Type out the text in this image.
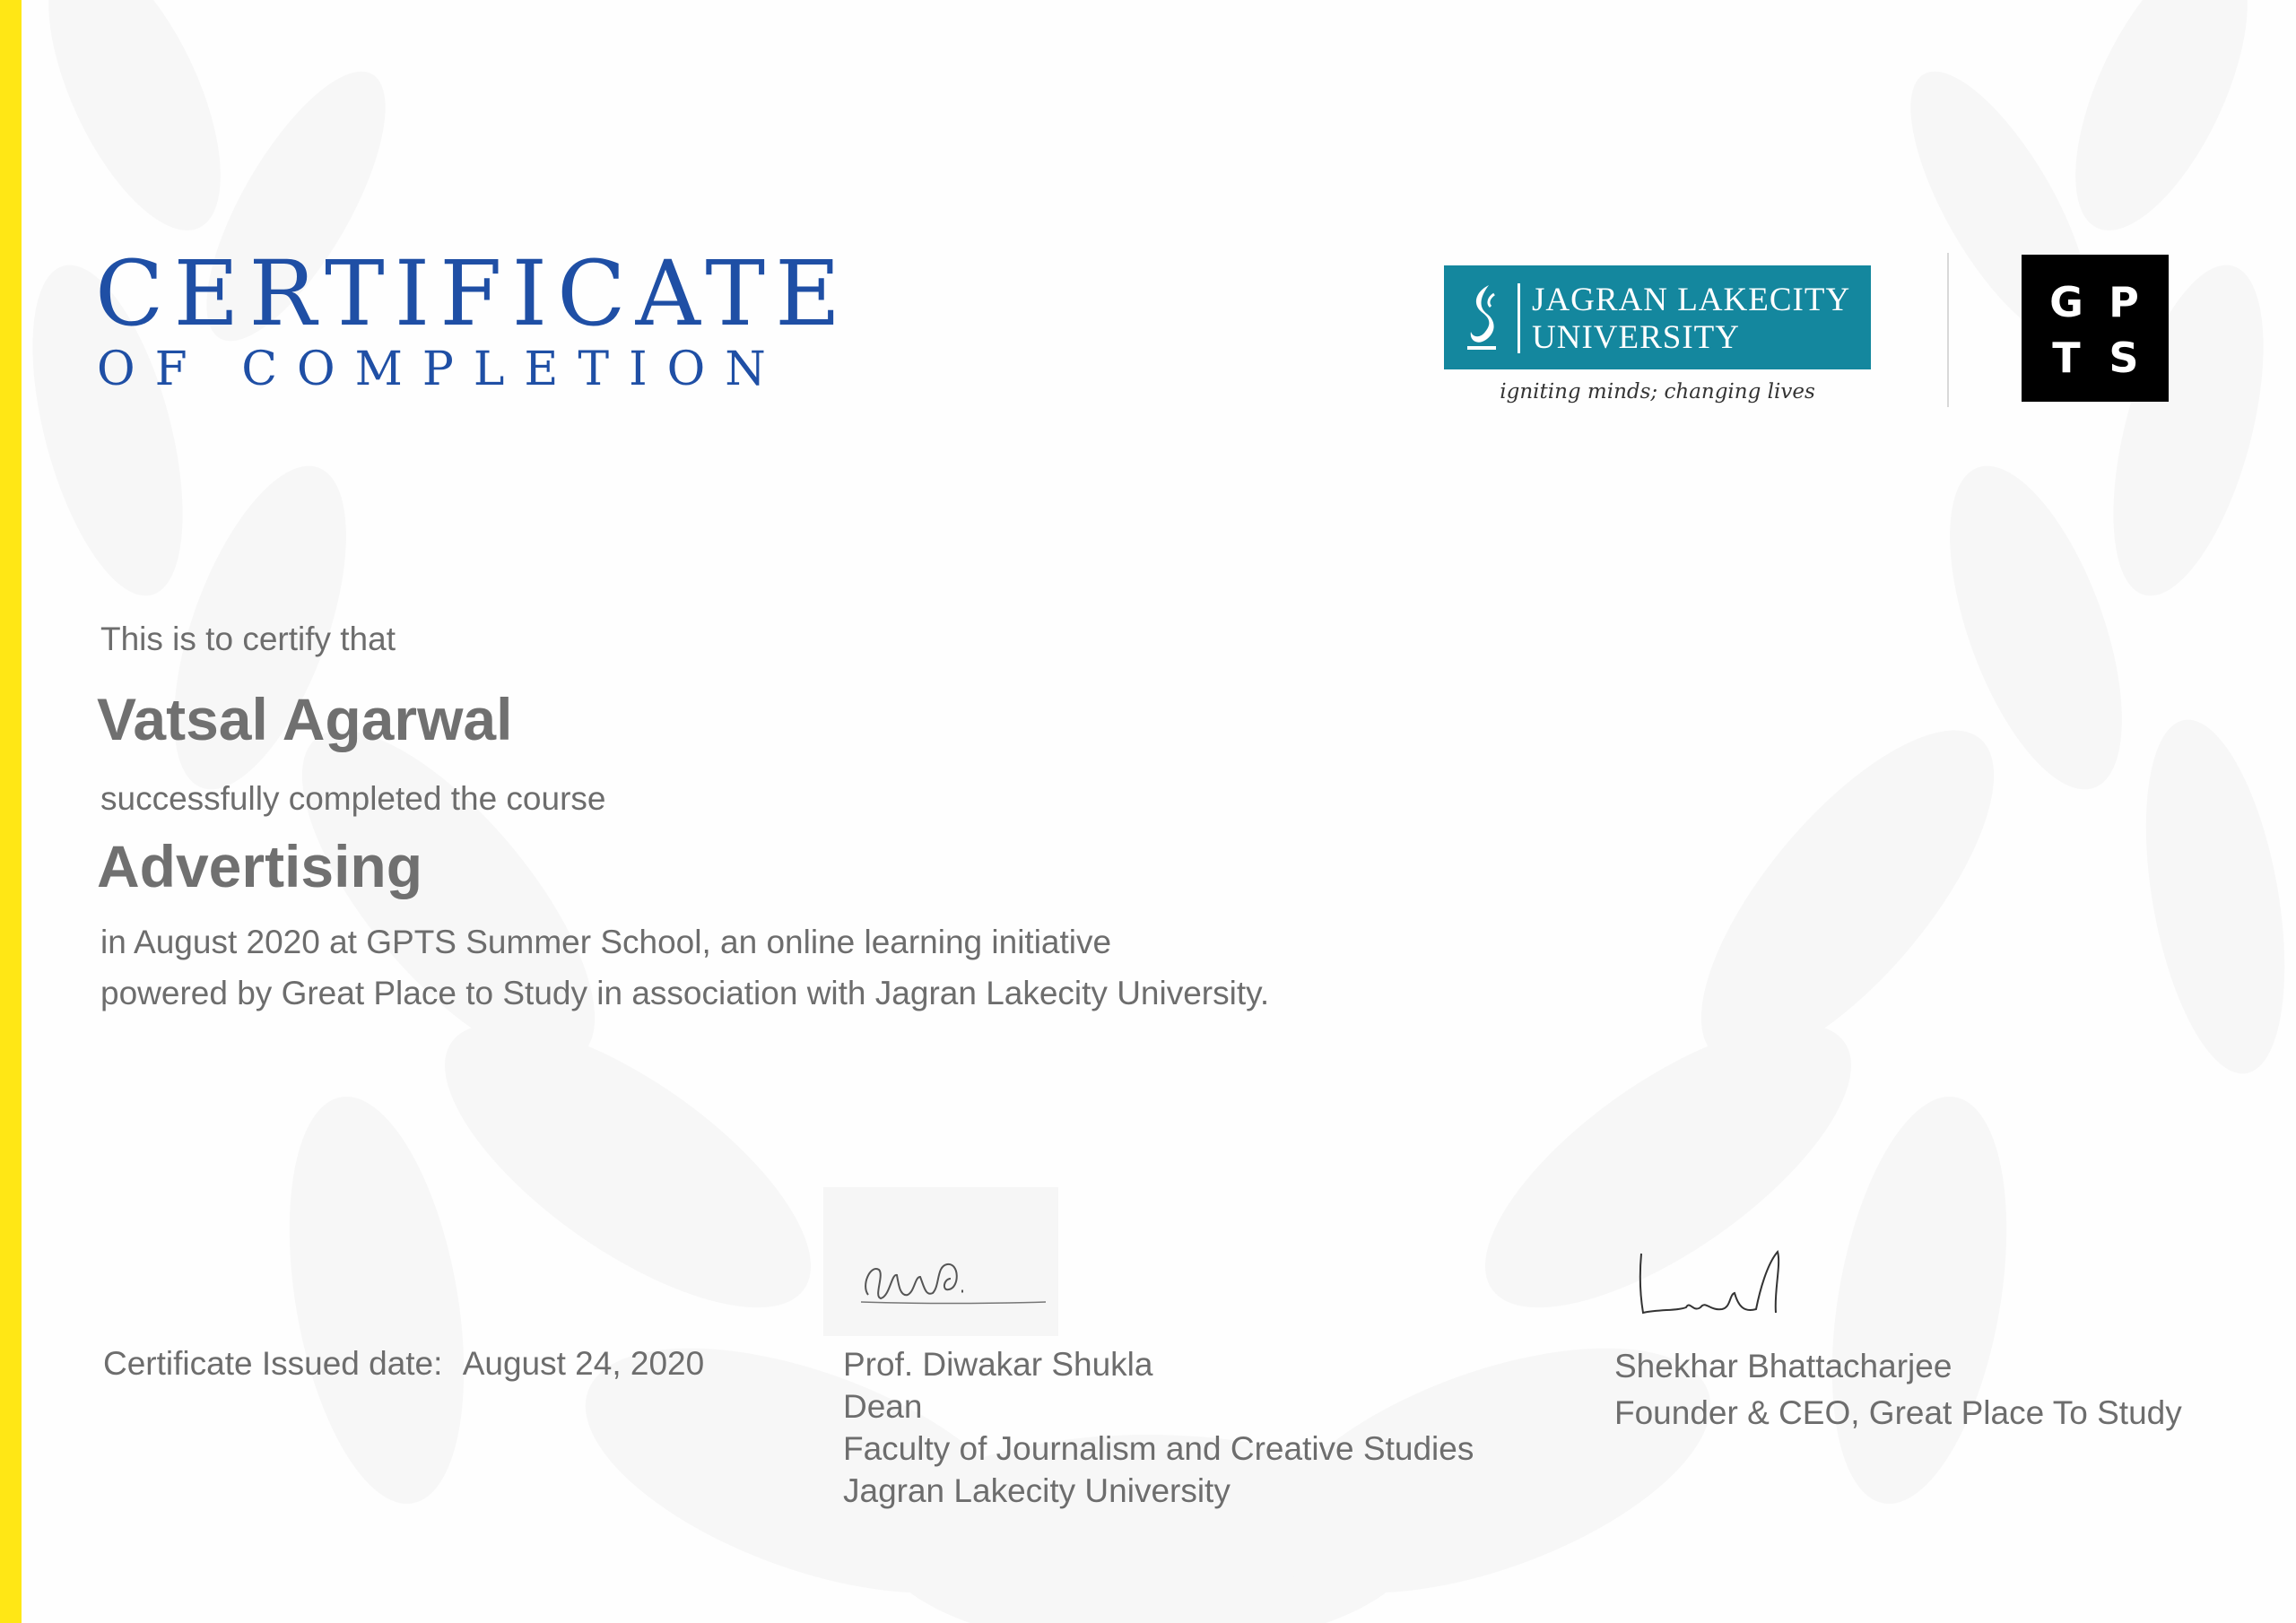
CERTIFICATE
OF COMPLETION
JAGRAN LAKECITY
UNIVERSITY
igniting minds; changing lives
G P
T S
This is to certify that
Vatsal Agarwal
successfully completed the course
Advertising
in August 2020 at GPTS Summer School, an online learning initiative
powered by Great Place to Study in association with Jagran Lakecity University.
Certificate Issued date: August 24, 2020	Prof. Diwakar Shukla
Dean
Faculty of Journalism and Creative Studies
Jagran Lakecity University
Shekhar Bhattacharjee
Founder & CEO, Great Place To Study
